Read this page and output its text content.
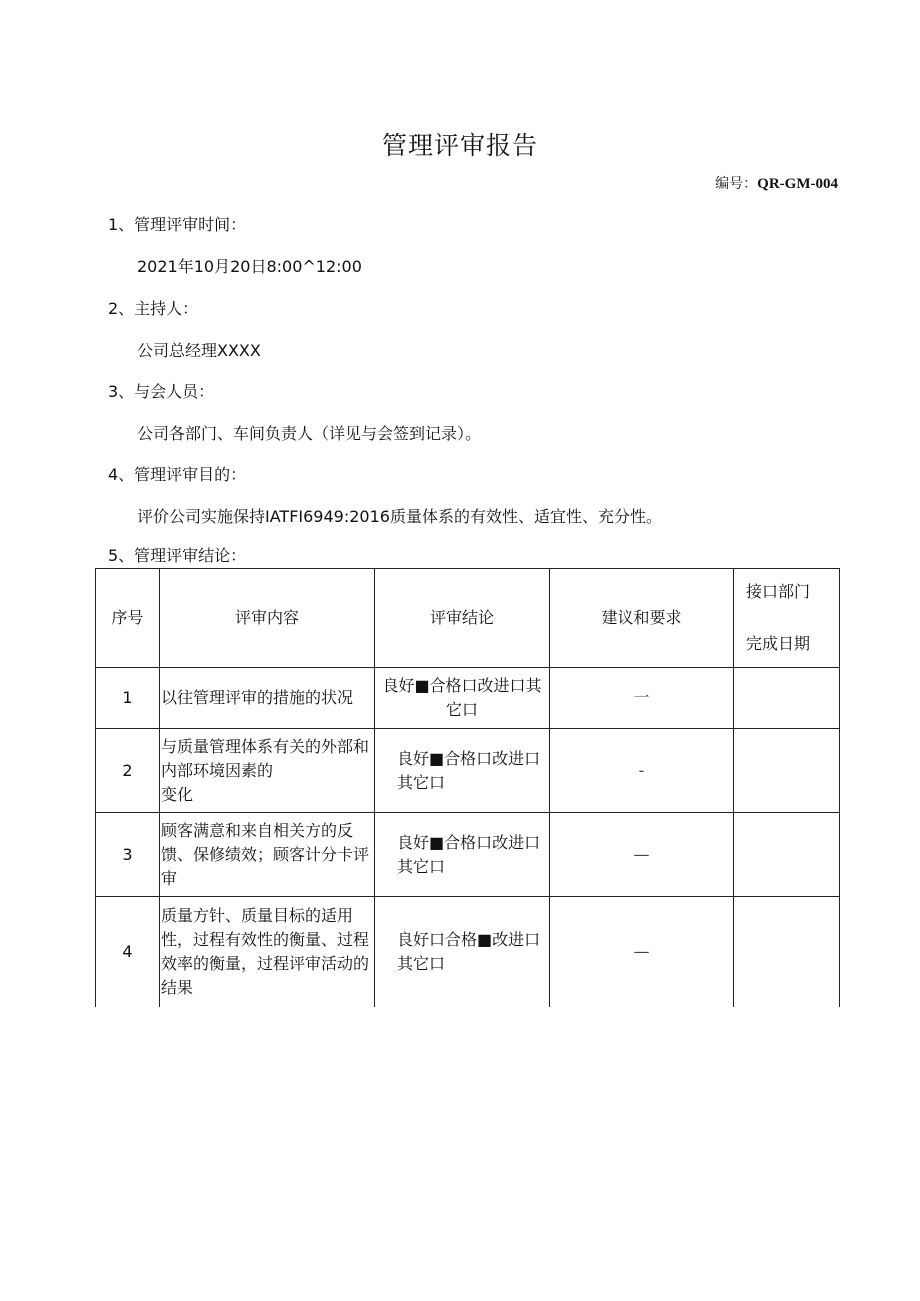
管理评审报告
编号：QR-GM-004
1、管理评审时间：
2021年10月20日8:00^12:00
2、主持人：
公司总经理XXXX
3、与会人员：
公司各部门、车间负责人（详见与会签到记录）。
4、管理评审目的：
评价公司实施保持IATFI6949:2016质量体系的有效性、适宜性、充分性。
5、管理评审结论：
序号	评审内容	评审结论	建议和要求	接口部门
完成日期

1	以往管理评审的措施的状况	良好■合格口改进口其它口	一	
2	与质量管理体系有关的外部和内部环境因素的
变化	良好■合格口改进口
其它口	-	
3	顾客满意和来自相关方的反馈、保修绩效；顾客计分卡评审	良好■合格口改进口
其它口	—	
4	质量方针、质量目标的适用性，过程有效性的衡量、过程效率的衡量，过程评审活动的结果	良好口合格■改进口
其它口	—	
